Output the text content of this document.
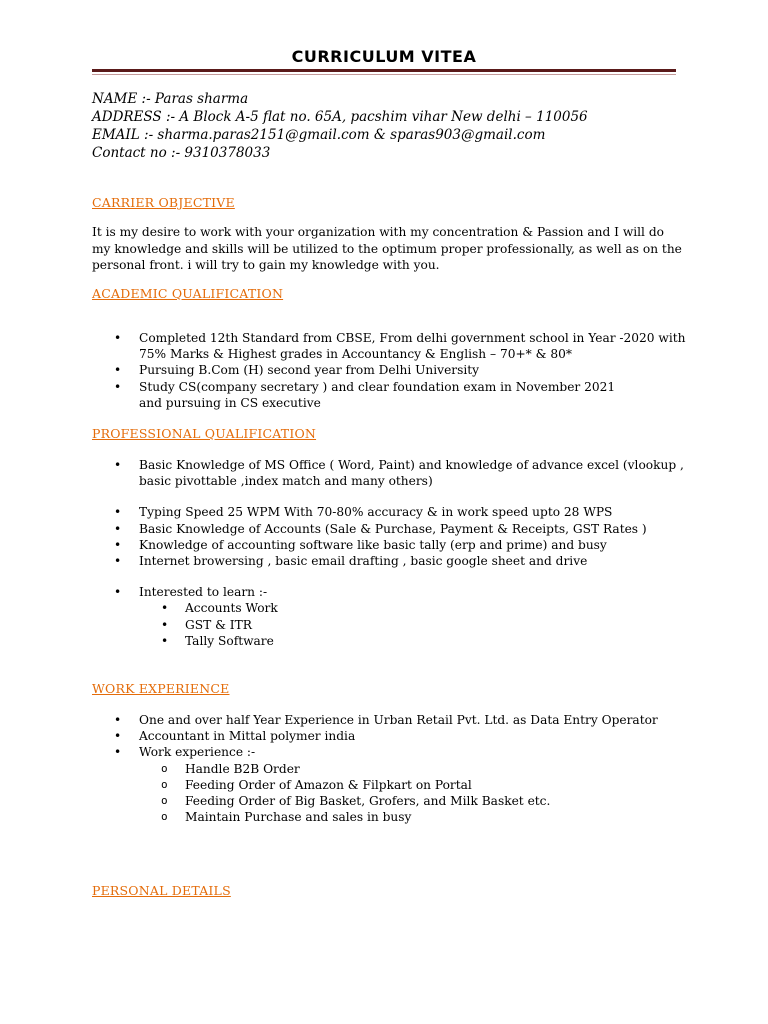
CURRICULUM VITEA
NAME :- Paras sharma
ADDRESS :- A Block A-5 flat no. 65A, pacshim vihar New delhi – 110056
EMAIL :- sharma.paras2151@gmail.com & sparas903@gmail.com
Contact no :- 9310378033
CARRIER OBJECTIVE
It is my desire to work with your organization with my concentration & Passion and I will do my knowledge and skills will be utilized to the optimum proper professionally, as well as on the personal front. i will try to gain my knowledge with you.
ACADEMIC QUALIFICATION
• Completed 12th Standard from CBSE, From delhi government school in Year -2020 with 75% Marks & Highest grades in Accountancy & English – 70+* & 80*
• Pursuing B.Com (H) second year from Delhi University
• Study CS(company secretary ) and clear foundation exam in November 2021 and pursuing in CS executive
PROFESSIONAL QUALIFICATION
• Basic Knowledge of MS Office ( Word, Paint) and knowledge of advance excel (vlookup , basic pivottable ,index match and many others)
• Typing Speed 25 WPM With 70-80% accuracy & in work speed upto 28 WPS
• Basic Knowledge of Accounts (Sale & Purchase, Payment & Receipts, GST Rates )
• Knowledge of accounting software like basic tally (erp and prime) and busy
• Internet browersing , basic email drafting , basic google sheet and drive
• Interested to learn :-
• Accounts Work
• GST & ITR
• Tally Software
WORK EXPERIENCE
• One and over half Year Experience in Urban Retail Pvt. Ltd. as Data Entry Operator
• Accountant in Mittal polymer india
• Work experience :-
o Handle B2B Order
o Feeding Order of Amazon & Filpkart on Portal
o Feeding Order of Big Basket, Grofers, and Milk Basket etc.
o Maintain Purchase and sales in busy
PERSONAL DETAILS
